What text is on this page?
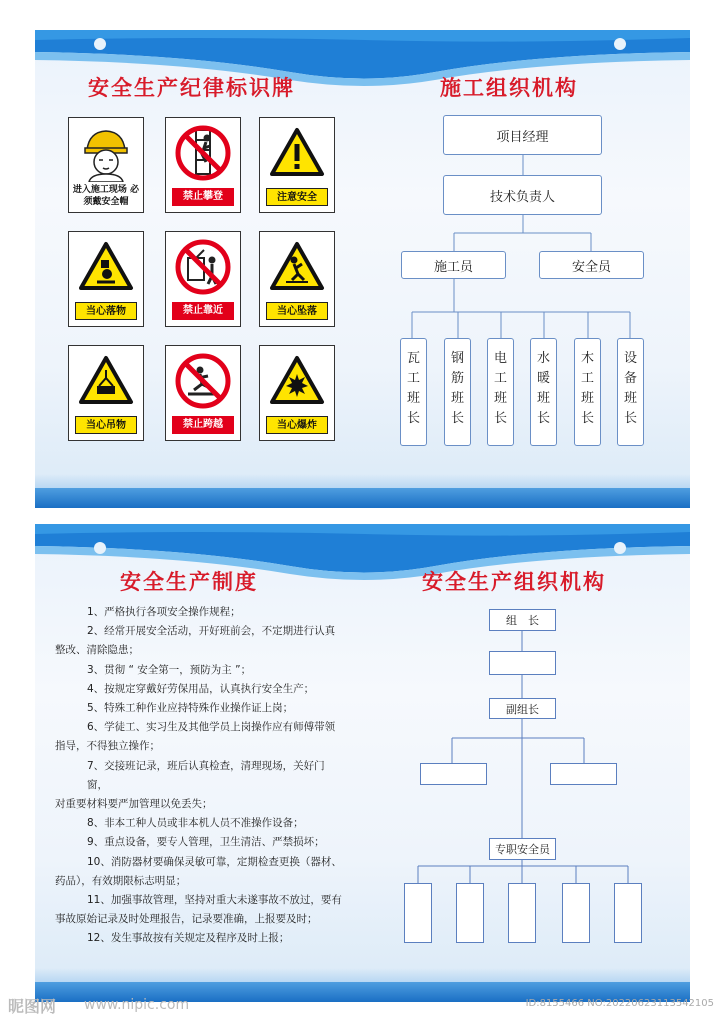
安全生产纪律标识牌	施工组织机构
进入施工现场 必须戴安全帽	禁止攀登	注意安全
当心落物	禁止靠近	当心坠落
当心吊物	禁止跨越	当心爆炸
项目经理
技术负责人
施工员	安全员
瓦
工
班
长
钢
筋
班
长
电
工
班
长
水
暖
班
长
木
工
班
长
设
备
班
长
安全生产制度	安全生产组织机构

1、严格执行各项安全操作规程；

2、经常开展安全活动，开好班前会，不定期进行认真

整改、清除隐患；

3、贯彻 “ 安全第一，预防为主 ”；

4、按规定穿戴好劳保用品，认真执行安全生产；

5、特殊工种作业应持特殊作业操作证上岗；

6、学徒工、实习生及其他学员上岗操作应有师傅带领

指导，不得独立操作；

7、交接班记录，班后认真检查，清理现场，关好门窗，

对重要材料要严加管理以免丢失；

8、非本工种人员或非本机人员不准操作设备；

9、重点设备，要专人管理，卫生清洁、严禁损坏；

10、消防器材要确保灵敏可靠，定期检查更换（器材、

药品），有效期限标志明显；

11、加强事故管理，坚持对重大未遂事故不放过，要有

事故原始记录及时处理报告，记录要准确，上报要及时；

12、发生事故按有关规定及程序及时上报；

组　长
副组长
专职安全员
昵图网 www.nipic.com	ID:8155466 NO:20220623113542105
